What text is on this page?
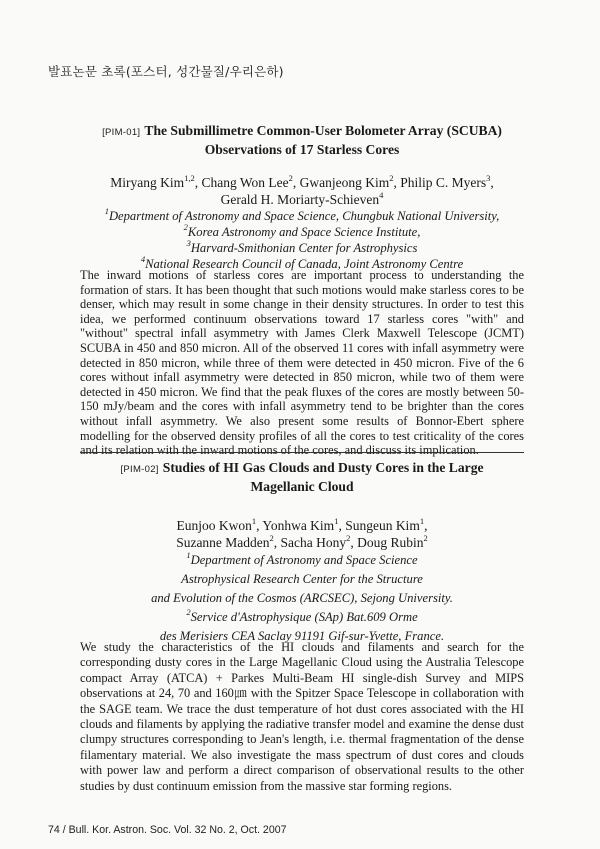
발표논문 초록(포스터, 성간물질/우리은하)
[PIM-01] The Submillimetre Common-User Bolometer Array (SCUBA)
Observations of 17 Starless Cores
Miryang Kim$^{1,2}$, Chang Won Lee$^2$, Gwanjeong Kim$^2$, Philip C. Myers$^3$,
Gerald H. Moriarty-Schieven$^4$
$^1$Department of Astronomy and Space Science, Chungbuk National University,
$^2$Korea Astronomy and Space Science Institute,
$^3$Harvard-Smithonian Center for Astrophysics
$^4$National Research Council of Canada, Joint Astronomy Centre
The inward motions of starless cores are important process to understanding the formation of stars. It has been thought that such motions would make starless cores to be denser, which may result in some change in their density structures. In order to test this idea, we performed continuum observations toward 17 starless cores "with" and "without" spectral infall asymmetry with James Clerk Maxwell Telescope (JCMT) SCUBA in 450 and 850 micron. All of the observed 11 cores with infall asymmetry were detected in 850 micron, while three of them were detected in 450 micron. Five of the 6 cores without infall asymmetry were detected in 850 micron, while two of them were detected in 450 micron. We find that the peak fluxes of the cores are mostly between 50-150 mJy/beam and the cores with infall asymmetry tend to be brighter than the cores without infall asymmetry. We also present some results of Bonnor-Ebert sphere modelling for the observed density profiles of all the cores to test criticality of the cores and its relation with the inward motions of the cores, and discuss its implication.
[PIM-02] Studies of HI Gas Clouds and Dusty Cores in the Large
Magellanic Cloud
Eunjoo Kwon$^1$, Yonhwa Kim$^1$, Sungeun Kim$^1$,
Suzanne Madden$^2$, Sacha Hony$^2$, Doug Rubin$^2$
$^1$Department of Astronomy and Space Science
Astrophysical Research Center for the Structure
and Evolution of the Cosmos (ARCSEC), Sejong University.
$^2$Service d'Astrophysique (SAp) Bat.609 Orme
des Merisiers CEA Saclay 91191 Gif-sur-Yvette, France.
We study the characteristics of the HI clouds and filaments and search for the corresponding dusty cores in the Large Magellanic Cloud using the Australia Telescope compact Array (ATCA) + Parkes Multi-Beam HI single-dish Survey and MIPS observations at 24, 70 and 160㎛ with the Spitzer Space Telescope in collaboration with the SAGE team. We trace the dust temperature of hot dust cores associated with the HI clouds and filaments by applying the radiative transfer model and examine the dense dust clumpy structures corresponding to Jean's length, i.e. thermal fragmentation of the dense filamentary material. We also investigate the mass spectrum of dust cores and clouds with power law and perform a direct comparison of observational results to the other studies by dust continuum emission from the massive star forming regions.
74 / Bull. Kor. Astron. Soc. Vol. 32 No. 2, Oct. 2007
